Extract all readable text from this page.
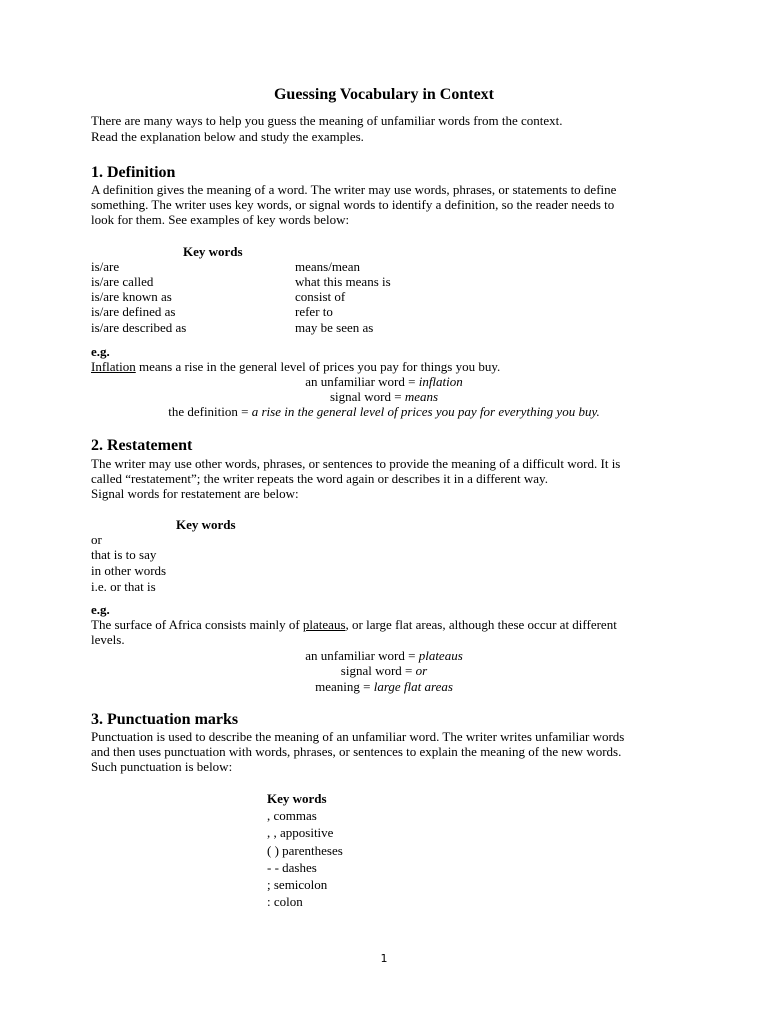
Guessing Vocabulary in Context
There are many ways to help you guess the meaning of unfamiliar words from the context.
Read the explanation below and study the examples.
1. Definition
A definition gives the meaning of a word. The writer may use words, phrases, or statements to define
something. The writer uses key words, or signal words to identify a definition, so the reader needs to
look for them. See examples of key words below:
Key words
is/are
is/are called
is/are known as
is/are defined as
is/are described as
means/mean
what this means is
consist of
refer to
may be seen as
e.g.
Inflation means a rise in the general level of prices you pay for things you buy.
an unfamiliar word = inflation
signal word = means
the definition = a rise in the general level of prices you pay for everything you buy.
2. Restatement
The writer may use other words, phrases, or sentences to provide the meaning of a difficult word. It is
called “restatement”; the writer repeats the word again or describes it in a different way.
Signal words for restatement are below:
Key words
or
that is to say
in other words
i.e. or that is
e.g.
The surface of Africa consists mainly of plateaus, or large flat areas, although these occur at different
levels.
an unfamiliar word = plateaus
signal word = or
meaning = large flat areas
3. Punctuation marks
Punctuation is used to describe the meaning of an unfamiliar word. The writer writes unfamiliar words
and then uses punctuation with words, phrases, or sentences to explain the meaning of the new words.
Such punctuation is below:
Key words
, commas
, , appositive
( ) parentheses
- - dashes
; semicolon
: colon
1
